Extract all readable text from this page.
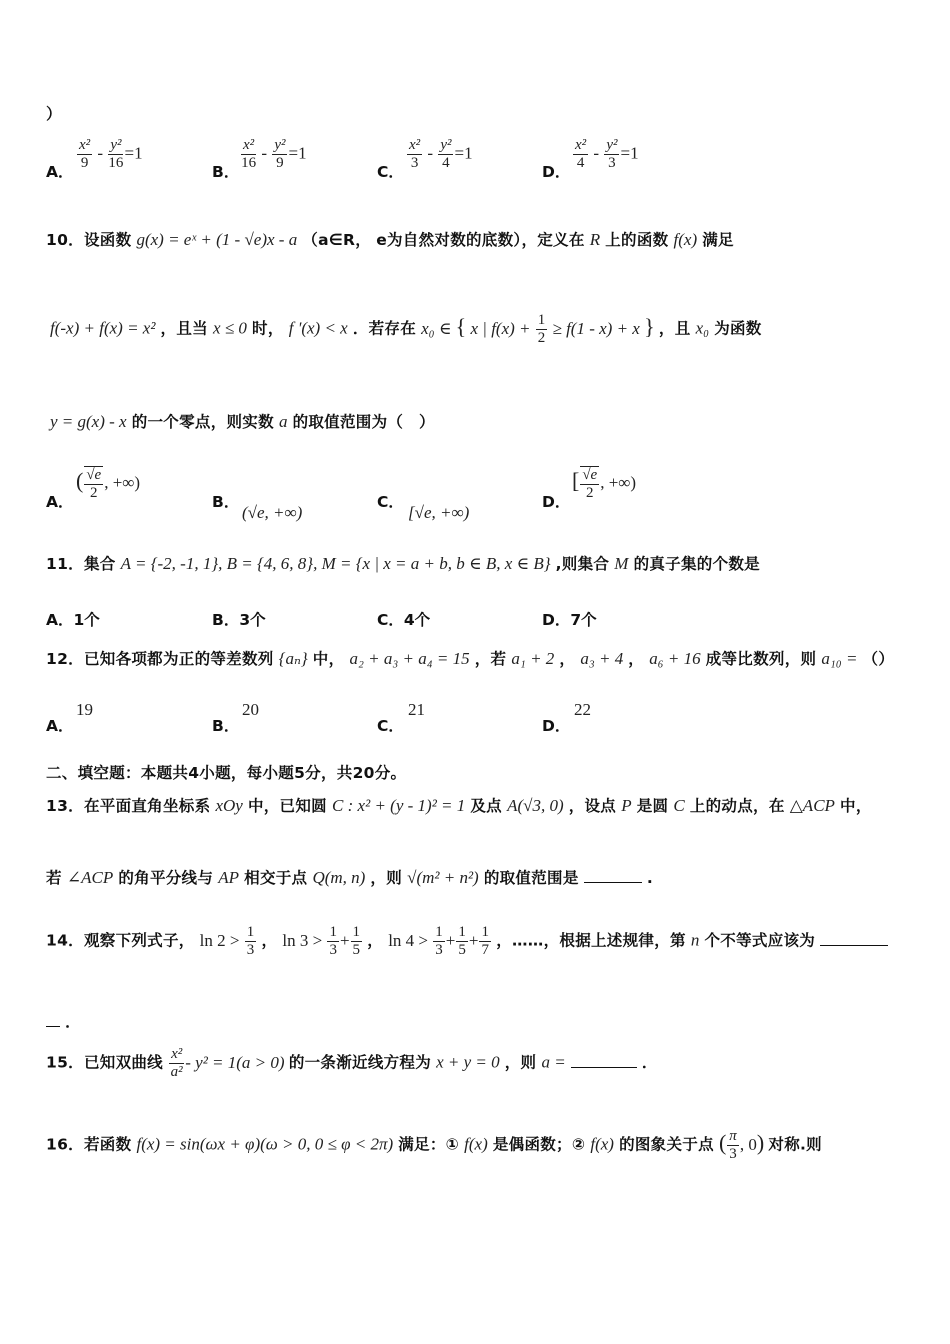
）
A． $\frac{\text{x²}}{9} - \frac{\text{y²}}{16} =1$
B． $\frac{\text{x²}}{16} - \frac{\text{y²}}{9} =1$
C． $\frac{\text{x²}}{3} - \frac{\text{y²}}{4} =1$
D． $\frac{\text{x²}}{4} - \frac{\text{y²}}{3} =1$
10．设函数 g(x) = eˣ + (1 - √e)x - a （a∈R， e为自然对数的底数），定义在 R 上的函数 f(x) 满足
f(-x) + f(x) = x² ，且当 x ≤ 0 时， f '(x) < x ．若存在 x₀ ∈ { x | $f(x) + \frac{1}{2} \ge f(1 - x) + x$ } ，且 x₀ 为函数
y = g(x) - x 的一个零点，则实数 a 的取值范围为（　）
A．
( $\frac{√e}{2}$ , +∞)
B．
(√e, +∞)
C．
[√e, +∞)
D．
[ $\frac{√e}{2}$ , +∞)
11．集合 A = {-2, -1, 1}, B = {4, 6, 8}, M = {x | x = a + b, b ∈ B, x ∈ B} ,则集合 M 的真子集的个数是
A．1个	B．3个	C．4个	D．7个
12．已知各项都为正的等差数列 {aₙ} 中， a₂ + a₃ + a₄ = 15 ，若 a₁ + 2 ， a₃ + 4 ， a₆ + 16 成等比数列，则 a₁₀ = （）
A．
19
B．
20
C．
21
D．
22
二、填空题：本题共4小题，每小题5分，共20分。
13．在平面直角坐标系 xOy 中，已知圆 C : x² + (y - 1)² = 1 及点 A(√3, 0) ，设点 P 是圆 C 上的动点，在 △ACP 中，
若 ∠ACP 的角平分线与 AP 相交于点 Q(m, n) ，则 √(m² + n²) 的取值范围是	.
14．观察下列式子， $\ln 2 > \frac{1}{3}$ ， $\ln 3 > \frac{1}{3} + \frac{1}{5}$ ， $\ln 4 > \frac{1}{3} + \frac{1}{5} + \frac{1}{7}$ ，……，根据上述规律，第 n 个不等式应该为
．
15．已知双曲线 $\frac{\text{x²}}{\text{a²}} - y^2 = 1(a > 0)$ 的一条渐近线方程为 x + y = 0 ，则 a =	．
16．若函数 f(x) = sin(ωx + φ)(ω > 0, 0 ≤ φ < 2π) 满足：① f(x) 是偶函数；② f(x) 的图象关于点 ( $\frac{\pi}{3}$ , 0) 对称.则
